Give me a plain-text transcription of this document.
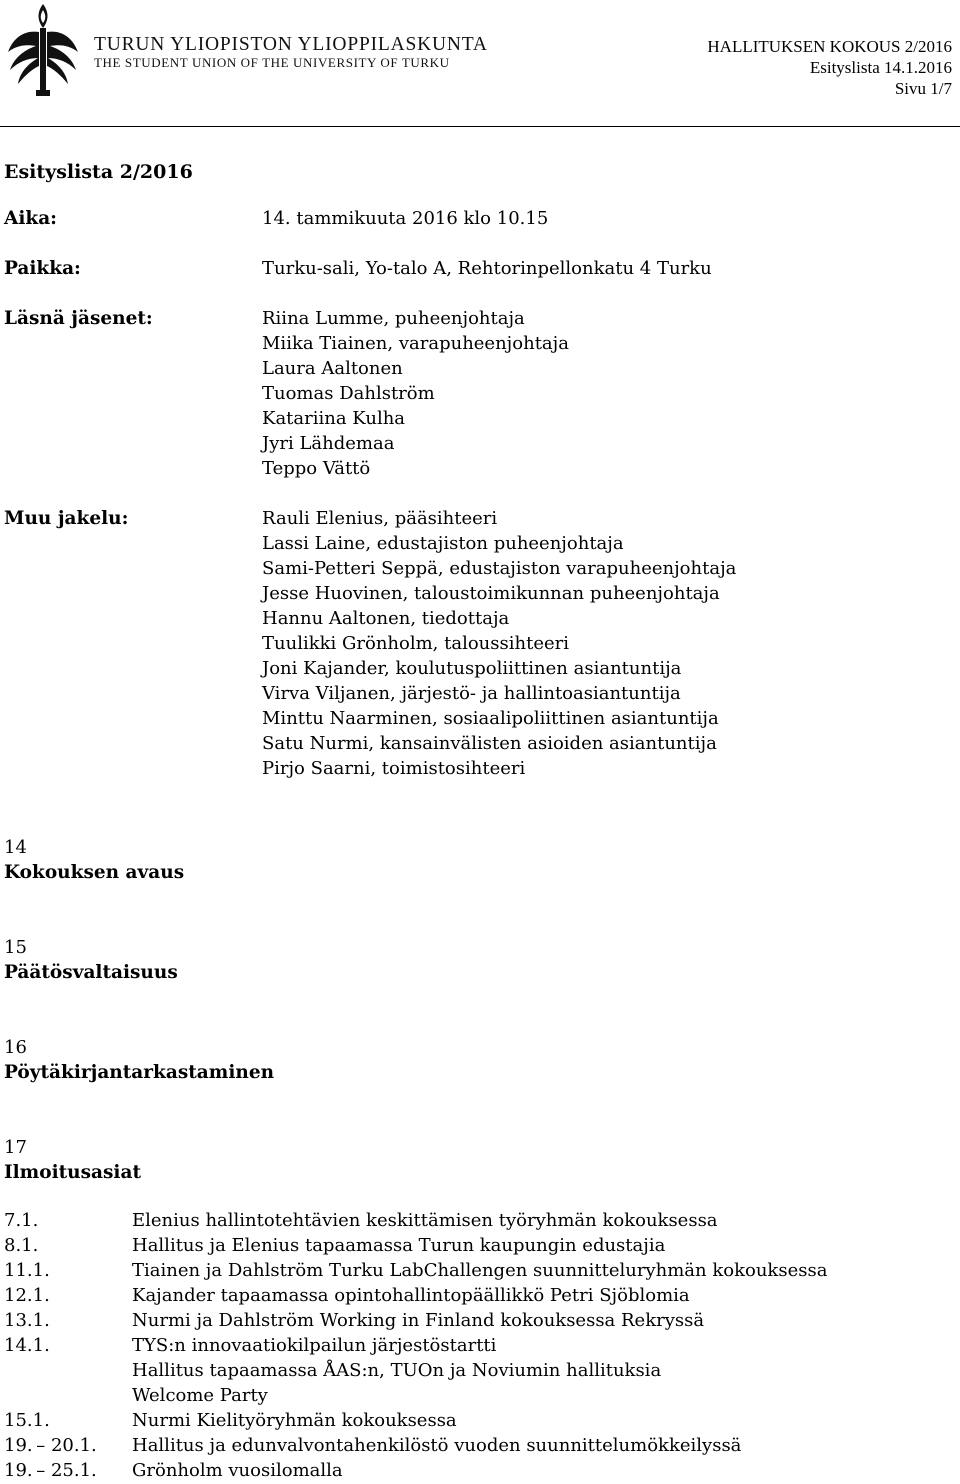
TURUN YLIOPISTON YLIOPPILASKUNTA
THE STUDENT UNION OF THE UNIVERSITY OF TURKU
HALLITUKSEN KOKOUS 2/2016
Esityslista 14.1.2016
Sivu 1/7
Esityslista 2/2016
Aika:	14. tammikuuta 2016 klo 10.15
Paikka:	Turku-sali, Yo-talo A, Rehtorinpellonkatu 4 Turku
Läsnä jäsenet:	Riina Lumme, puheenjohtaja
Miika Tiainen, varapuheenjohtaja
Laura Aaltonen
Tuomas Dahlström
Katariina Kulha
Jyri Lähdemaa
Teppo Vättö
Muu jakelu:	Rauli Elenius, pääsihteeri
Lassi Laine, edustajiston puheenjohtaja
Sami-Petteri Seppä, edustajiston varapuheenjohtaja
Jesse Huovinen, taloustoimikunnan puheenjohtaja
Hannu Aaltonen, tiedottaja
Tuulikki Grönholm, taloussihteeri
Joni Kajander, koulutuspoliittinen asiantuntija
Virva Viljanen, järjestö- ja hallintoasiantuntija
Minttu Naarminen, sosiaalipoliittinen asiantuntija
Satu Nurmi, kansainvälisten asioiden asiantuntija
Pirjo Saarni, toimistosihteeri
14
Kokouksen avaus
15
Päätösvaltaisuus
16
Pöytäkirjantarkastaminen
17
Ilmoitusasiat
7.1.	Elenius hallintotehtävien keskittämisen työryhmän kokouksessa
8.1.	Hallitus ja Elenius tapaamassa Turun kaupungin edustajia
11.1.	Tiainen ja Dahlström Turku LabChallengen suunnitteluryhmän kokouksessa
12.1.	Kajander tapaamassa opintohallintopäällikkö Petri Sjöblomia
13.1.	Nurmi ja Dahlström Working in Finland kokouksessa Rekryssä
14.1.	TYS:n innovaatiokilpailun järjestöstartti
Hallitus tapaamassa ÅAS:n, TUOn ja Noviumin hallituksia
Welcome Party
15.1.	Nurmi Kielityöryhmän kokouksessa
19. – 20.1.	Hallitus ja edunvalvontahenkilöstö vuoden suunnittelumökkeilyssä
19. – 25.1.	Grönholm vuosilomalla
